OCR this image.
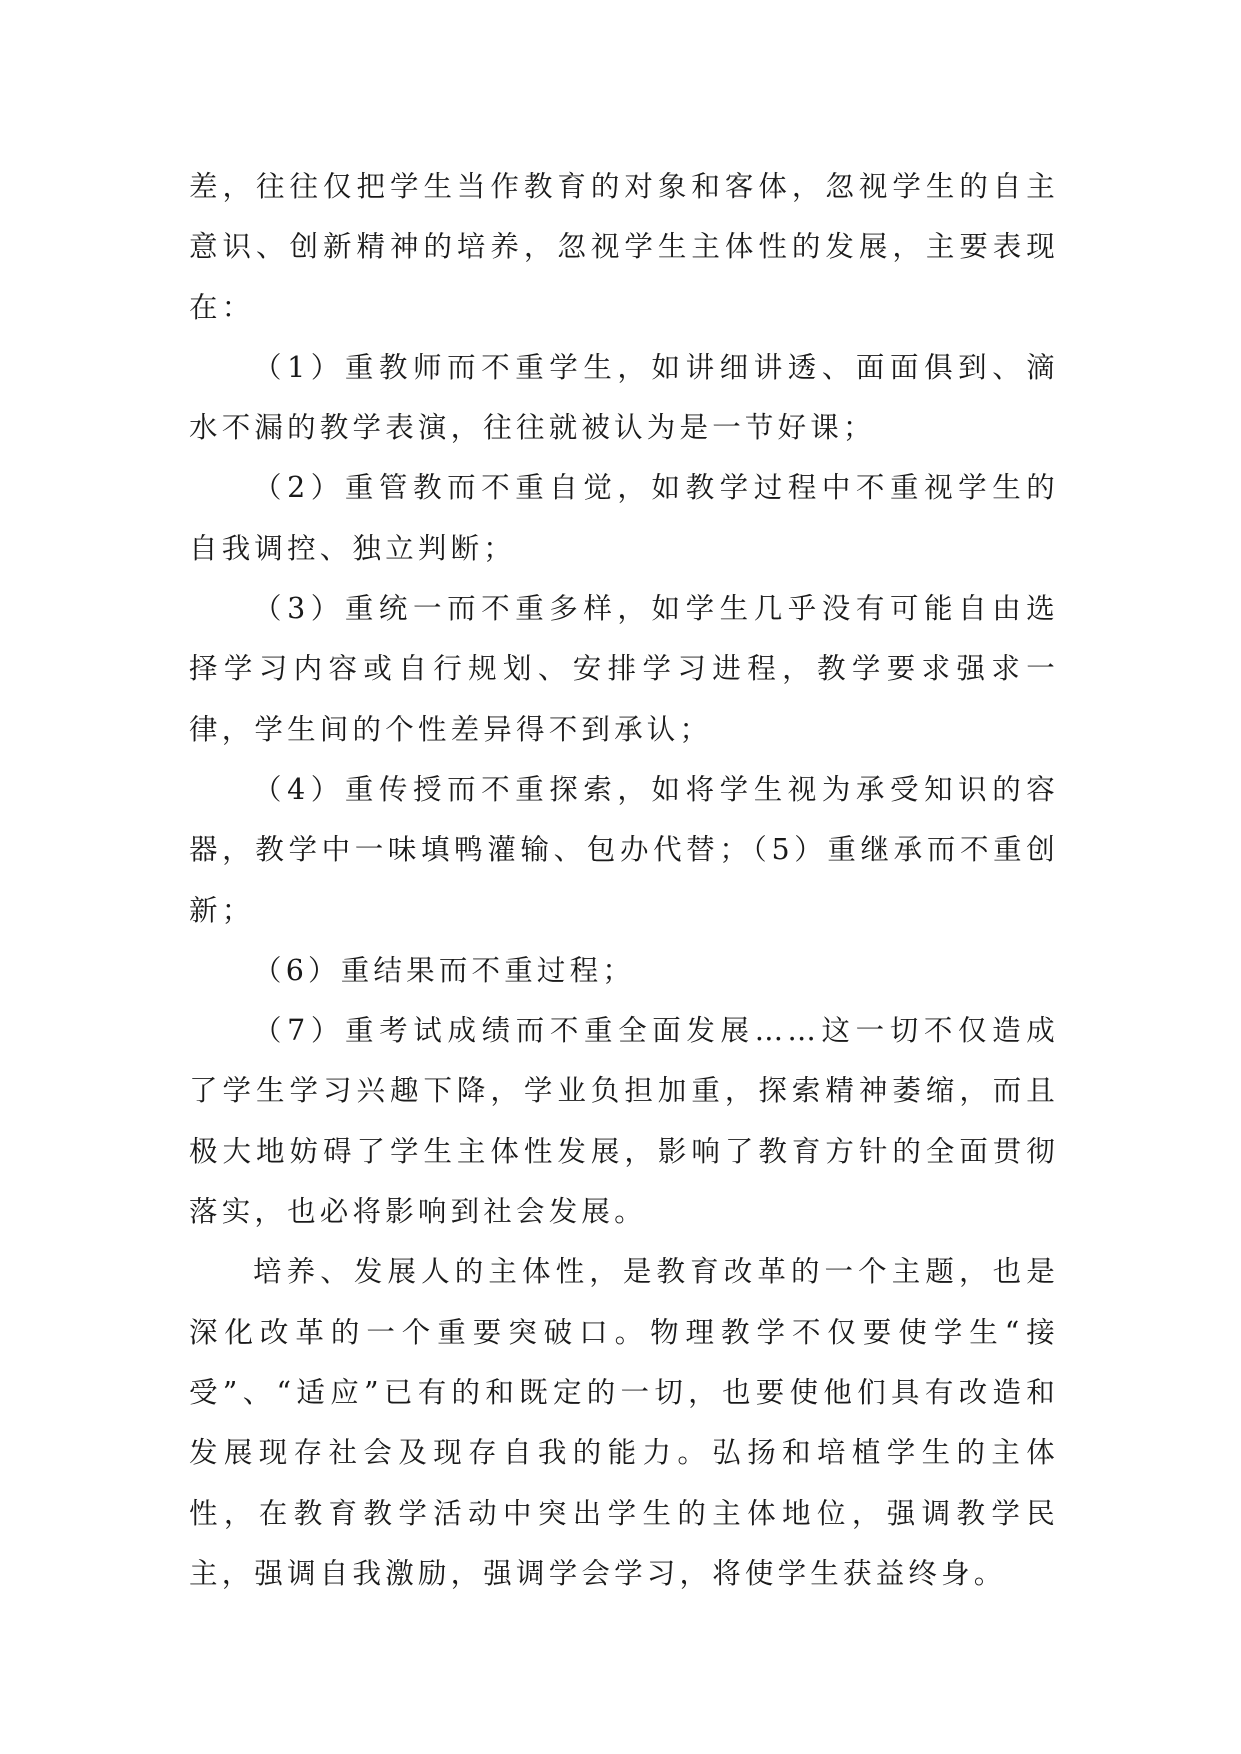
差，往往仅把学生当作教育的对象和客体，忽视学生的自主意识、创新精神的培养，忽视学生主体性的发展，主要表现在：

（1）重教师而不重学生，如讲细讲透、面面俱到、滴水不漏的教学表演，往往就被认为是一节好课；

（2）重管教而不重自觉，如教学过程中不重视学生的自我调控、独立判断；

（3）重统一而不重多样，如学生几乎没有可能自由选择学习内容或自行规划、安排学习进程，教学要求强求一律，学生间的个性差异得不到承认；

（4）重传授而不重探索，如将学生视为承受知识的容器，教学中一味填鸭灌输、包办代替；（5）重继承而不重创新；

（6）重结果而不重过程；

（7）重考试成绩而不重全面发展……这一切不仅造成了学生学习兴趣下降，学业负担加重，探索精神萎缩，而且极大地妨碍了学生主体性发展，影响了教育方针的全面贯彻落实，也必将影响到社会发展。

培养、发展人的主体性，是教育改革的一个主题，也是深化改革的一个重要突破口。物理教学不仅要使学生“接受”、“适应”已有的和既定的一切，也要使他们具有改造和发展现存社会及现存自我的能力。弘扬和培植学生的主体性，在教育教学活动中突出学生的主体地位，强调教学民主，强调自我激励，强调学会学习，将使学生获益终身。
